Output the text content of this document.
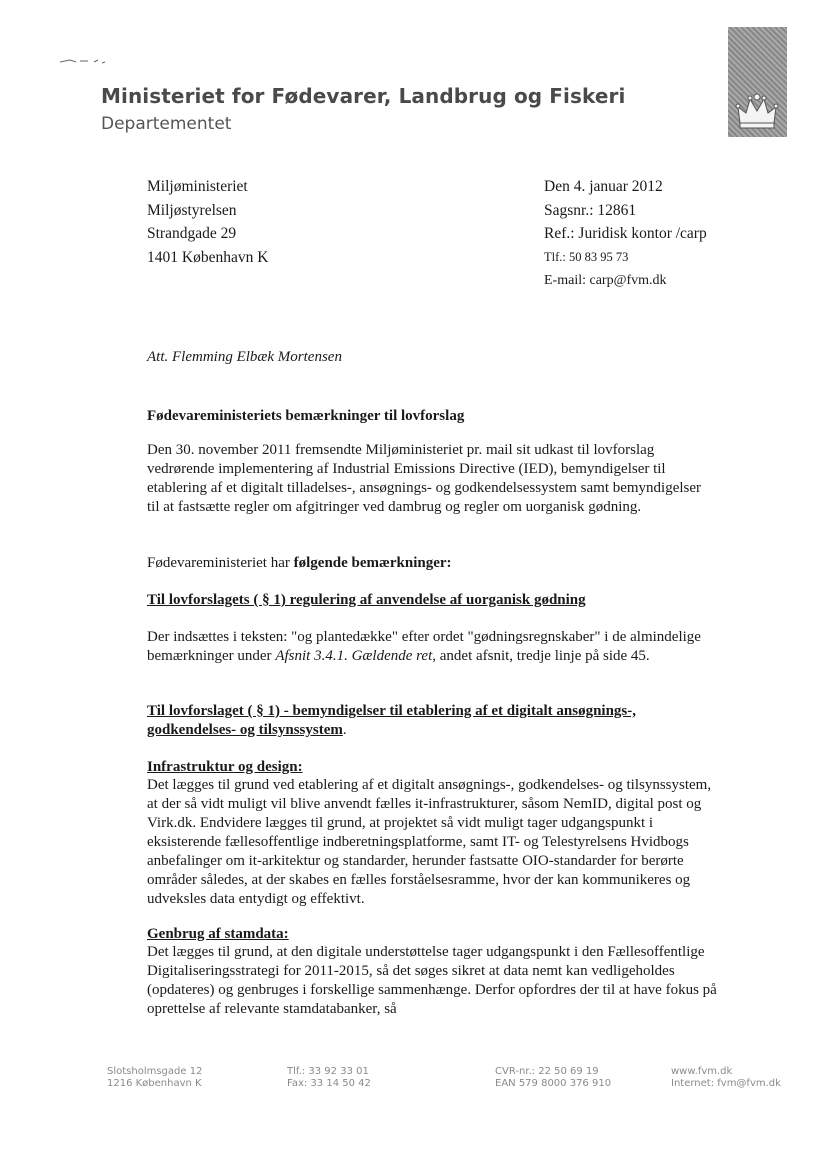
Ministeriet for Fødevarer, Landbrug og Fiskeri
Departementet
Miljøministeriet
Miljøstyrelsen
Strandgade 29
1401 København K
Den 4. januar 2012
Sagsnr.: 12861
Ref.: Juridisk kontor /carp
Tlf.: 50 83 95 73
E-mail: carp@fvm.dk
Att. Flemming Elbæk Mortensen
Fødevareministeriets bemærkninger til lovforslag
Den 30. november 2011 fremsendte Miljøministeriet pr. mail sit udkast til lovforslag vedrørende implementering af Industrial Emissions Directive (IED), bemyndigelser til etablering af et digitalt tilladelses-, ansøgnings- og godkendelsessystem samt bemyndigelser til at fastsætte regler om afgitringer ved dambrug og regler om uorganisk gødning.
Fødevareministeriet har følgende bemærkninger:
Til lovforslagets ( § 1) regulering af anvendelse af uorganisk gødning
Der indsættes i teksten: "og plantedække" efter ordet "gødningsregnskaber" i de almindelige bemærkninger under Afsnit 3.4.1. Gældende ret, andet afsnit, tredje linje på side 45.
Til lovforslaget ( § 1) - bemyndigelser til etablering af et digitalt ansøgnings-, godkendelses- og tilsynssystem.
Infrastruktur og design:
Det lægges til grund ved etablering af et digitalt ansøgnings-, godkendelses- og tilsynssystem, at der så vidt muligt vil blive anvendt fælles it-infrastrukturer, såsom NemID, digital post og Virk.dk. Endvidere lægges til grund, at projektet så vidt muligt tager udgangspunkt i eksisterende fællesoffentlige indberetningsplatforme, samt IT- og Telestyrelsens Hvidbogs anbefalinger om it-arkitektur og standarder, herunder fastsatte OIO-standarder for berørte områder således, at der skabes en fælles forståelsesramme, hvor der kan kommunikeres og udveksles data entydigt og effektivt.
Genbrug af stamdata:
Det lægges til grund, at den digitale understøttelse tager udgangspunkt i den Fællesoffentlige Digitaliseringsstrategi for 2011-2015, så det søges sikret at data nemt kan vedligeholdes (opdateres) og genbruges i forskellige sammenhænge. Derfor opfordres der til at have fokus på oprettelse af relevante stamdatabanker, så
Slotsholmsgade 12
1216 København K
Tlf.: 33 92 33 01
Fax: 33 14 50 42
CVR-nr.: 22 50 69 19
EAN 579 8000 376 910
www.fvm.dk
Internet: fvm@fvm.dk
